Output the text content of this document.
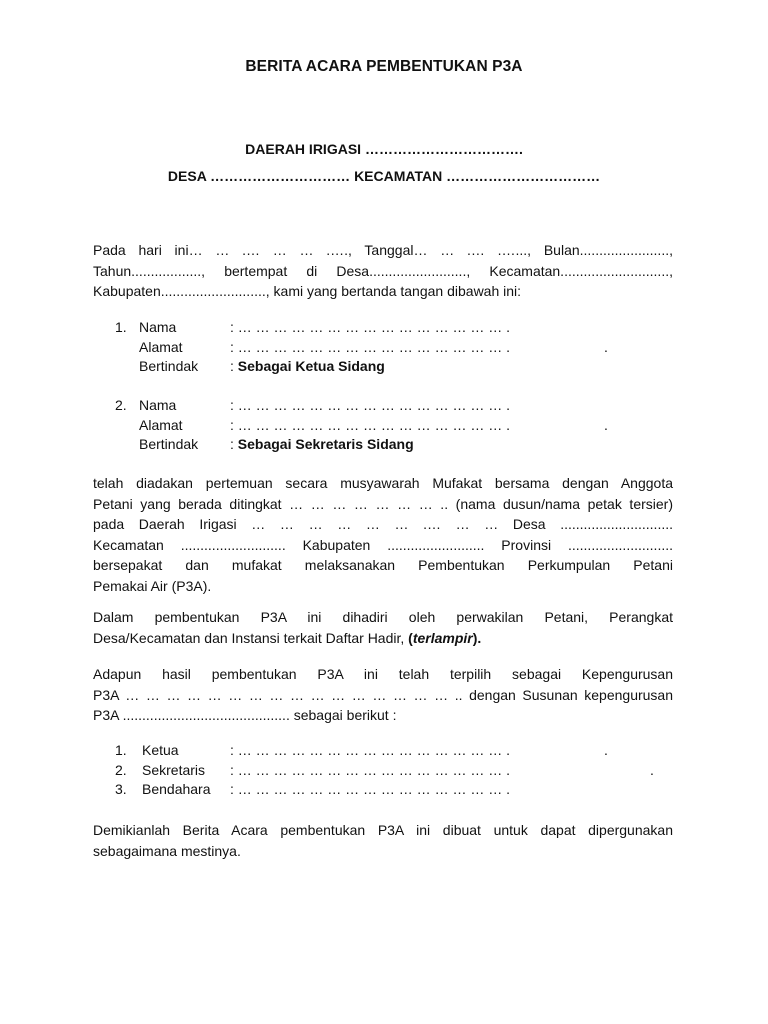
BERITA ACARA PEMBENTUKAN P3A
DAERAH IRIGASI …………………………….
DESA ………………………… KECAMATAN ……………………………
Pada hari ini… … .… … … .…., Tanggal… … .… .…..., Bulan.......................,
Tahun.................., bertempat di Desa........................., Kecamatan............................,
Kabupaten..........................., kami yang bertanda tangan dibawah ini:
1. Nama	: … … … … … … … … … … … … … … … .
Alamat	: … … … … … … … … … … … … … … … .	.
Bertindak : Sebagai Ketua Sidang
2. Nama	: … … … … … … … … … … … … … … … .
Alamat	: … … … … … … … … … … … … … … … .	.
Bertindak : Sebagai Sekretaris Sidang
telah diadakan pertemuan secara musyawarah Mufakat bersama dengan Anggota
Petani yang berada ditingkat … … … … … … … .. (nama dusun/nama petak tersier)
pada Daerah Irigasi … … … … … … .… … … Desa .............................
Kecamatan ........................... Kabupaten ......................... Provinsi ...........................
bersepakat dan mufakat melaksanakan Pembentukan Perkumpulan Petani
Pemakai Air (P3A).
Dalam pembentukan P3A ini dihadiri oleh perwakilan Petani, Perangkat
Desa/Kecamatan dan Instansi terkait Daftar Hadir, (terlampir).
Adapun hasil pembentukan P3A ini telah terpilih sebagai Kepengurusan
P3A … … … … … … … … … … … … … … … … .. dengan Susunan kepengurusan
P3A ........................................... sebagai berikut :
1. Ketua	: … … … … … … … … … … … … … … … .	.
2. Sekretaris : … … … … … … … … … … … … … … … .	.
3. Bendahara : … … … … … … … … … … … … … … … .
Demikianlah Berita Acara pembentukan P3A ini dibuat untuk dapat dipergunakan
sebagaimana mestinya.
